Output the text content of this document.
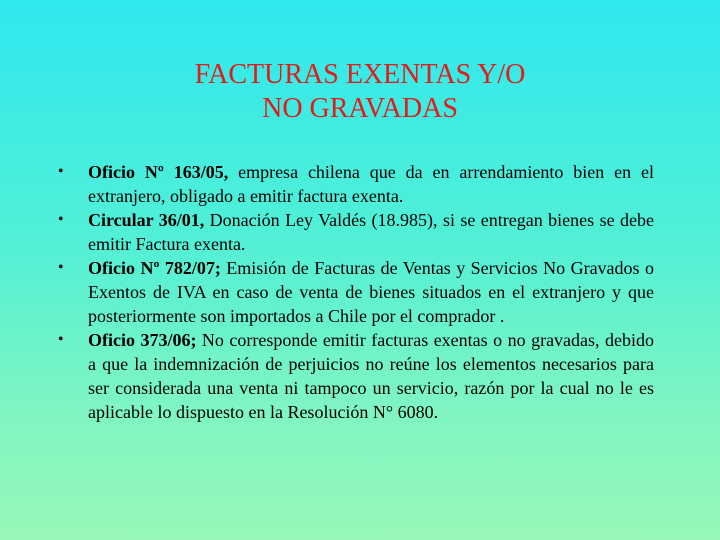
FACTURAS EXENTAS Y/O
NO GRAVADAS
• Oficio Nº 163/05, empresa chilena que da en arrendamiento bien en el extranjero, obligado a emitir factura exenta.
• Circular 36/01, Donación Ley Valdés (18.985), si se entregan bienes se debe emitir Factura exenta.
• Oficio Nº 782/07; Emisión de Facturas de Ventas y Servicios No Gravados o Exentos de IVA en caso de venta de bienes situados en el extranjero y que posteriormente son importados a Chile por el comprador .
• Oficio 373/06; No corresponde emitir facturas exentas o no gravadas, debido a que la indemnización de perjuicios no reúne los elementos necesarios para ser considerada una venta ni tampoco un servicio, razón por la cual no le es aplicable lo dispuesto en la Resolución N° 6080.
